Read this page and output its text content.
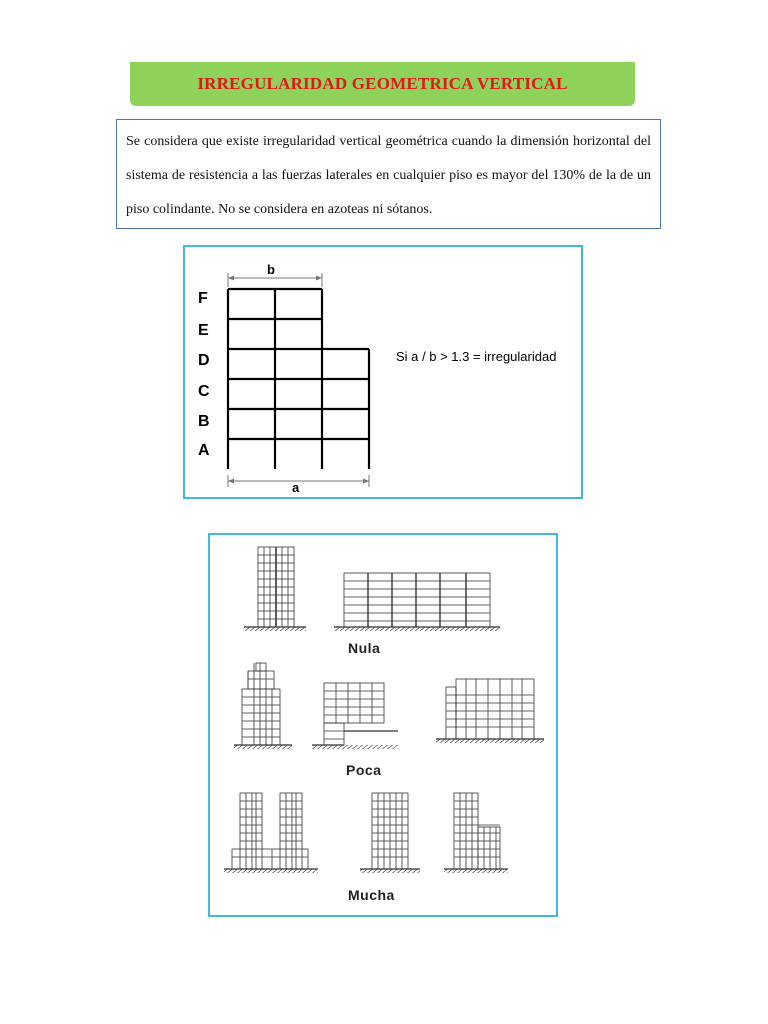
IRREGULARIDAD GEOMETRICA VERTICAL
Se considera que existe irregularidad vertical geométrica cuando la dimensión horizontal del sistema de resistencia a las fuerzas laterales en cualquier piso es mayor del 130% de la de un piso colindante. No se considera en azoteas ni sótanos.
F
E
D
C
B
A
b
a
Si a / b > 1.3 = irregularidad
Nula
Poca
Mucha
